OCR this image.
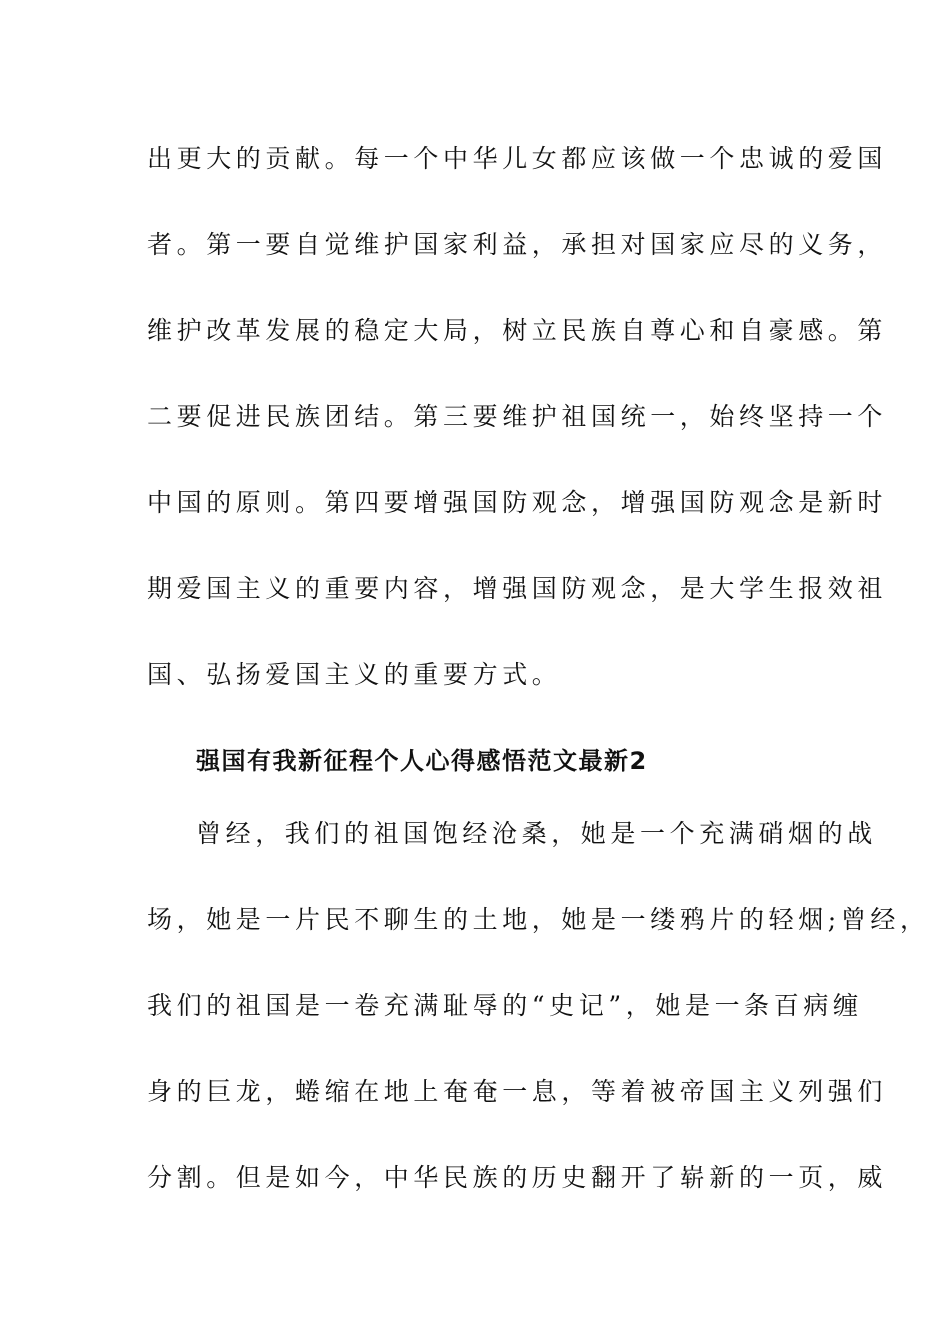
出更大的贡献。每一个中华儿女都应该做一个忠诚的爱国
者。第一要自觉维护国家利益，承担对国家应尽的义务，
维护改革发展的稳定大局，树立民族自尊心和自豪感。第
二要促进民族团结。第三要维护祖国统一，始终坚持一个
中国的原则。第四要增强国防观念，增强国防观念是新时
期爱国主义的重要内容，增强国防观念，是大学生报效祖
国、弘扬爱国主义的重要方式。
强国有我新征程个人心得感悟范文最新2
曾经，我们的祖国饱经沧桑，她是一个充满硝烟的战
场，她是一片民不聊生的土地，她是一缕鸦片的轻烟;曾经，
我们的祖国是一卷充满耻辱的“史记”，她是一条百病缠
身的巨龙，蜷缩在地上奄奄一息，等着被帝国主义列强们
分割。但是如今，中华民族的历史翻开了崭新的一页，威
